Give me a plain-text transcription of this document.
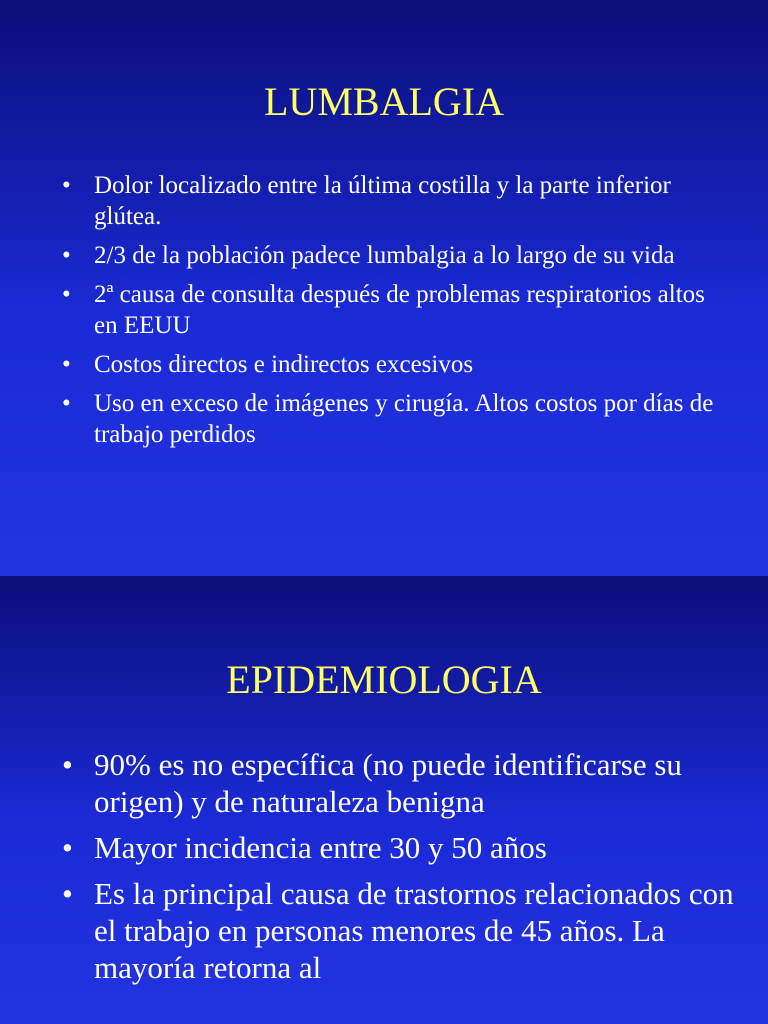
LUMBALGIA
• Dolor localizado entre la última costilla y la parte inferior glútea.
• 2/3 de la población padece lumbalgia a lo largo de su vida
• 2ª causa de consulta después de problemas respiratorios altos en EEUU
• Costos directos e indirectos excesivos
• Uso en exceso de imágenes y cirugía. Altos costos por días de trabajo perdidos
EPIDEMIOLOGIA
• 90% es no específica (no puede identificarse su origen) y de naturaleza benigna
• Mayor incidencia entre 30 y 50 años
• Es la principal causa de trastornos relacionados con el trabajo en personas menores de 45 años. La mayoría retorna al
